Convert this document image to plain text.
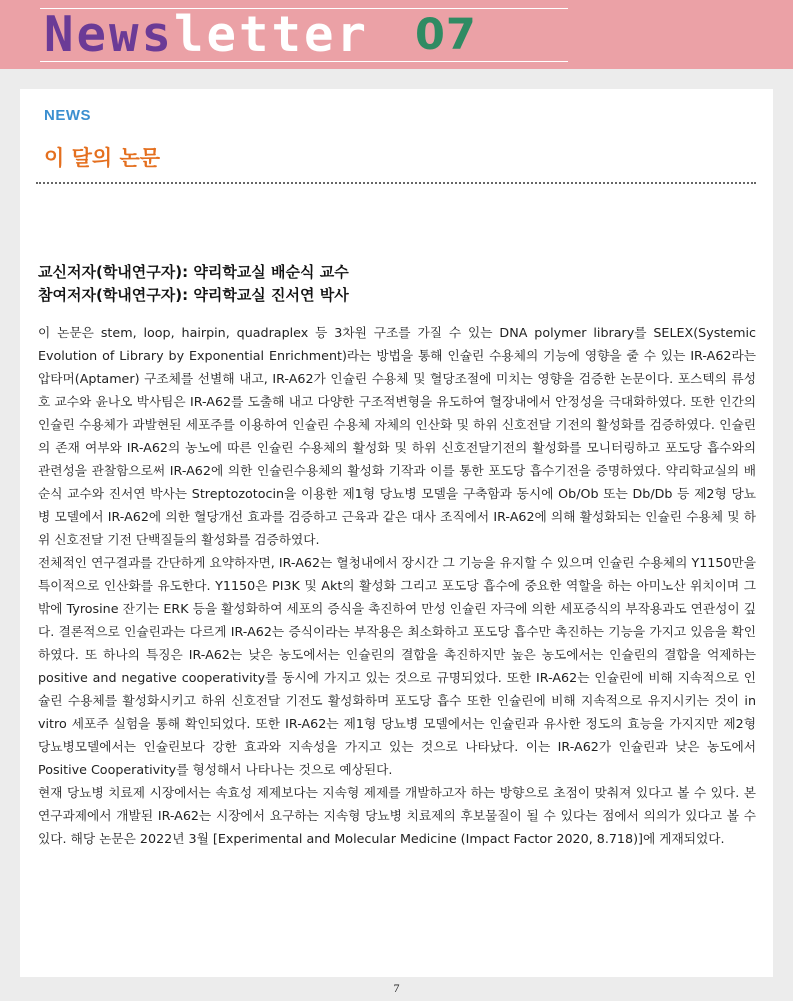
Newsletter 07
NEWS
이 달의 논문
교신저자(학내연구자): 약리학교실 배순식 교수
참여저자(학내연구자): 약리학교실 진서연 박사

이 논문은 stem, loop, hairpin, quadraplex 등 3차원 구조를 가질 수 있는 DNA polymer library를 SELEX(Systemic Evolution of Library by Exponential Enrichment)라는 방법을 통해 인슐린 수용체의 기능에 영향을 줄 수 있는 IR-A62라는 압타머(Aptamer) 구조체를 선별해 내고, IR-A62가 인슐린 수용체 및 혈당조절에 미치는 영향을 검증한 논문이다. 포스텍의 류성호 교수와 윤나오 박사팀은 IR-A62를 도출해 내고 다양한 구조적변형을 유도하여 혈장내에서 안정성을 극대화하였다. 또한 인간의 인슐린 수용체가 과발현된 세포주를 이용하여 인슐린 수용체 자체의 인산화 및 하위 신호전달 기전의 활성화를 검증하였다. 인슐린의 존재 여부와 IR-A62의 농노에 따른 인슐린 수용체의 활성화 및 하위 신호전달기전의 활성화를 모니터링하고 포도당 흡수와의 관련성을 관찰함으로써 IR-A62에 의한 인슐린수용체의 활성화 기작과 이를 통한 포도당 흡수기전을 증명하였다. 약리학교실의 배순식 교수와 진서연 박사는 Streptozotocin을 이용한 제1형 당뇨병 모델을 구축함과 동시에 Ob/Ob 또는 Db/Db 등 제2형 당뇨병 모델에서 IR-A62에 의한 혈당개선 효과를 검증하고 근육과 같은 대사 조직에서 IR-A62에 의해 활성화되는 인슐린 수용체 및 하위 신호전달 기전 단백질들의 활성화를 검증하였다.

전체적인 연구결과를 간단하게 요약하자면, IR-A62는 혈청내에서 장시간 그 기능을 유지할 수 있으며 인슐린 수용체의 Y1150만을 특이적으로 인산화를 유도한다. Y1150은 PI3K 및 Akt의 활성화 그리고 포도당 흡수에 중요한 역할을 하는 아미노산 위치이며 그 밖에 Tyrosine 잔기는 ERK 등을 활성화하여 세포의 증식을 촉진하여 만성 인슐린 자극에 의한 세포증식의 부작용과도 연관성이 깊다. 결론적으로 인슐린과는 다르게 IR-A62는 증식이라는 부작용은 최소화하고 포도당 흡수만 촉진하는 기능을 가지고 있음을 확인하였다. 또 하나의 특징은 IR-A62는 낮은 농도에서는 인슐린의 결합을 촉진하지만 높은 농도에서는 인슐린의 결합을 억제하는 positive and negative cooperativity를 동시에 가지고 있는 것으로 규명되었다. 또한 IR-A62는 인슐린에 비해 지속적으로 인슐린 수용체를 활성화시키고 하위 신호전달 기전도 활성화하며 포도당 흡수 또한 인슐린에 비해 지속적으로 유지시키는 것이 in vitro 세포주 실험을 통해 확인되었다. 또한 IR-A62는 제1형 당뇨병 모델에서는 인슐린과 유사한 정도의 효능을 가지지만 제2형 당뇨병모델에서는 인슐린보다 강한 효과와 지속성을 가지고 있는 것으로 나타났다. 이는 IR-A62가 인슐린과 낮은 농도에서 Positive Cooperativity를 형성해서 나타나는 것으로 예상된다.

현재 당뇨병 치료제 시장에서는 속효성 제제보다는 지속형 제제를 개발하고자 하는 방향으로 초점이 맞춰져 있다고 볼 수 있다. 본 연구과제에서 개발된 IR-A62는 시장에서 요구하는 지속형 당뇨병 치료제의 후보물질이 될 수 있다는 점에서 의의가 있다고 볼 수 있다. 해당 논문은 2022년 3월 [Experimental and Molecular Medicine (Impact Factor 2020, 8.718)]에 게재되었다.

7
